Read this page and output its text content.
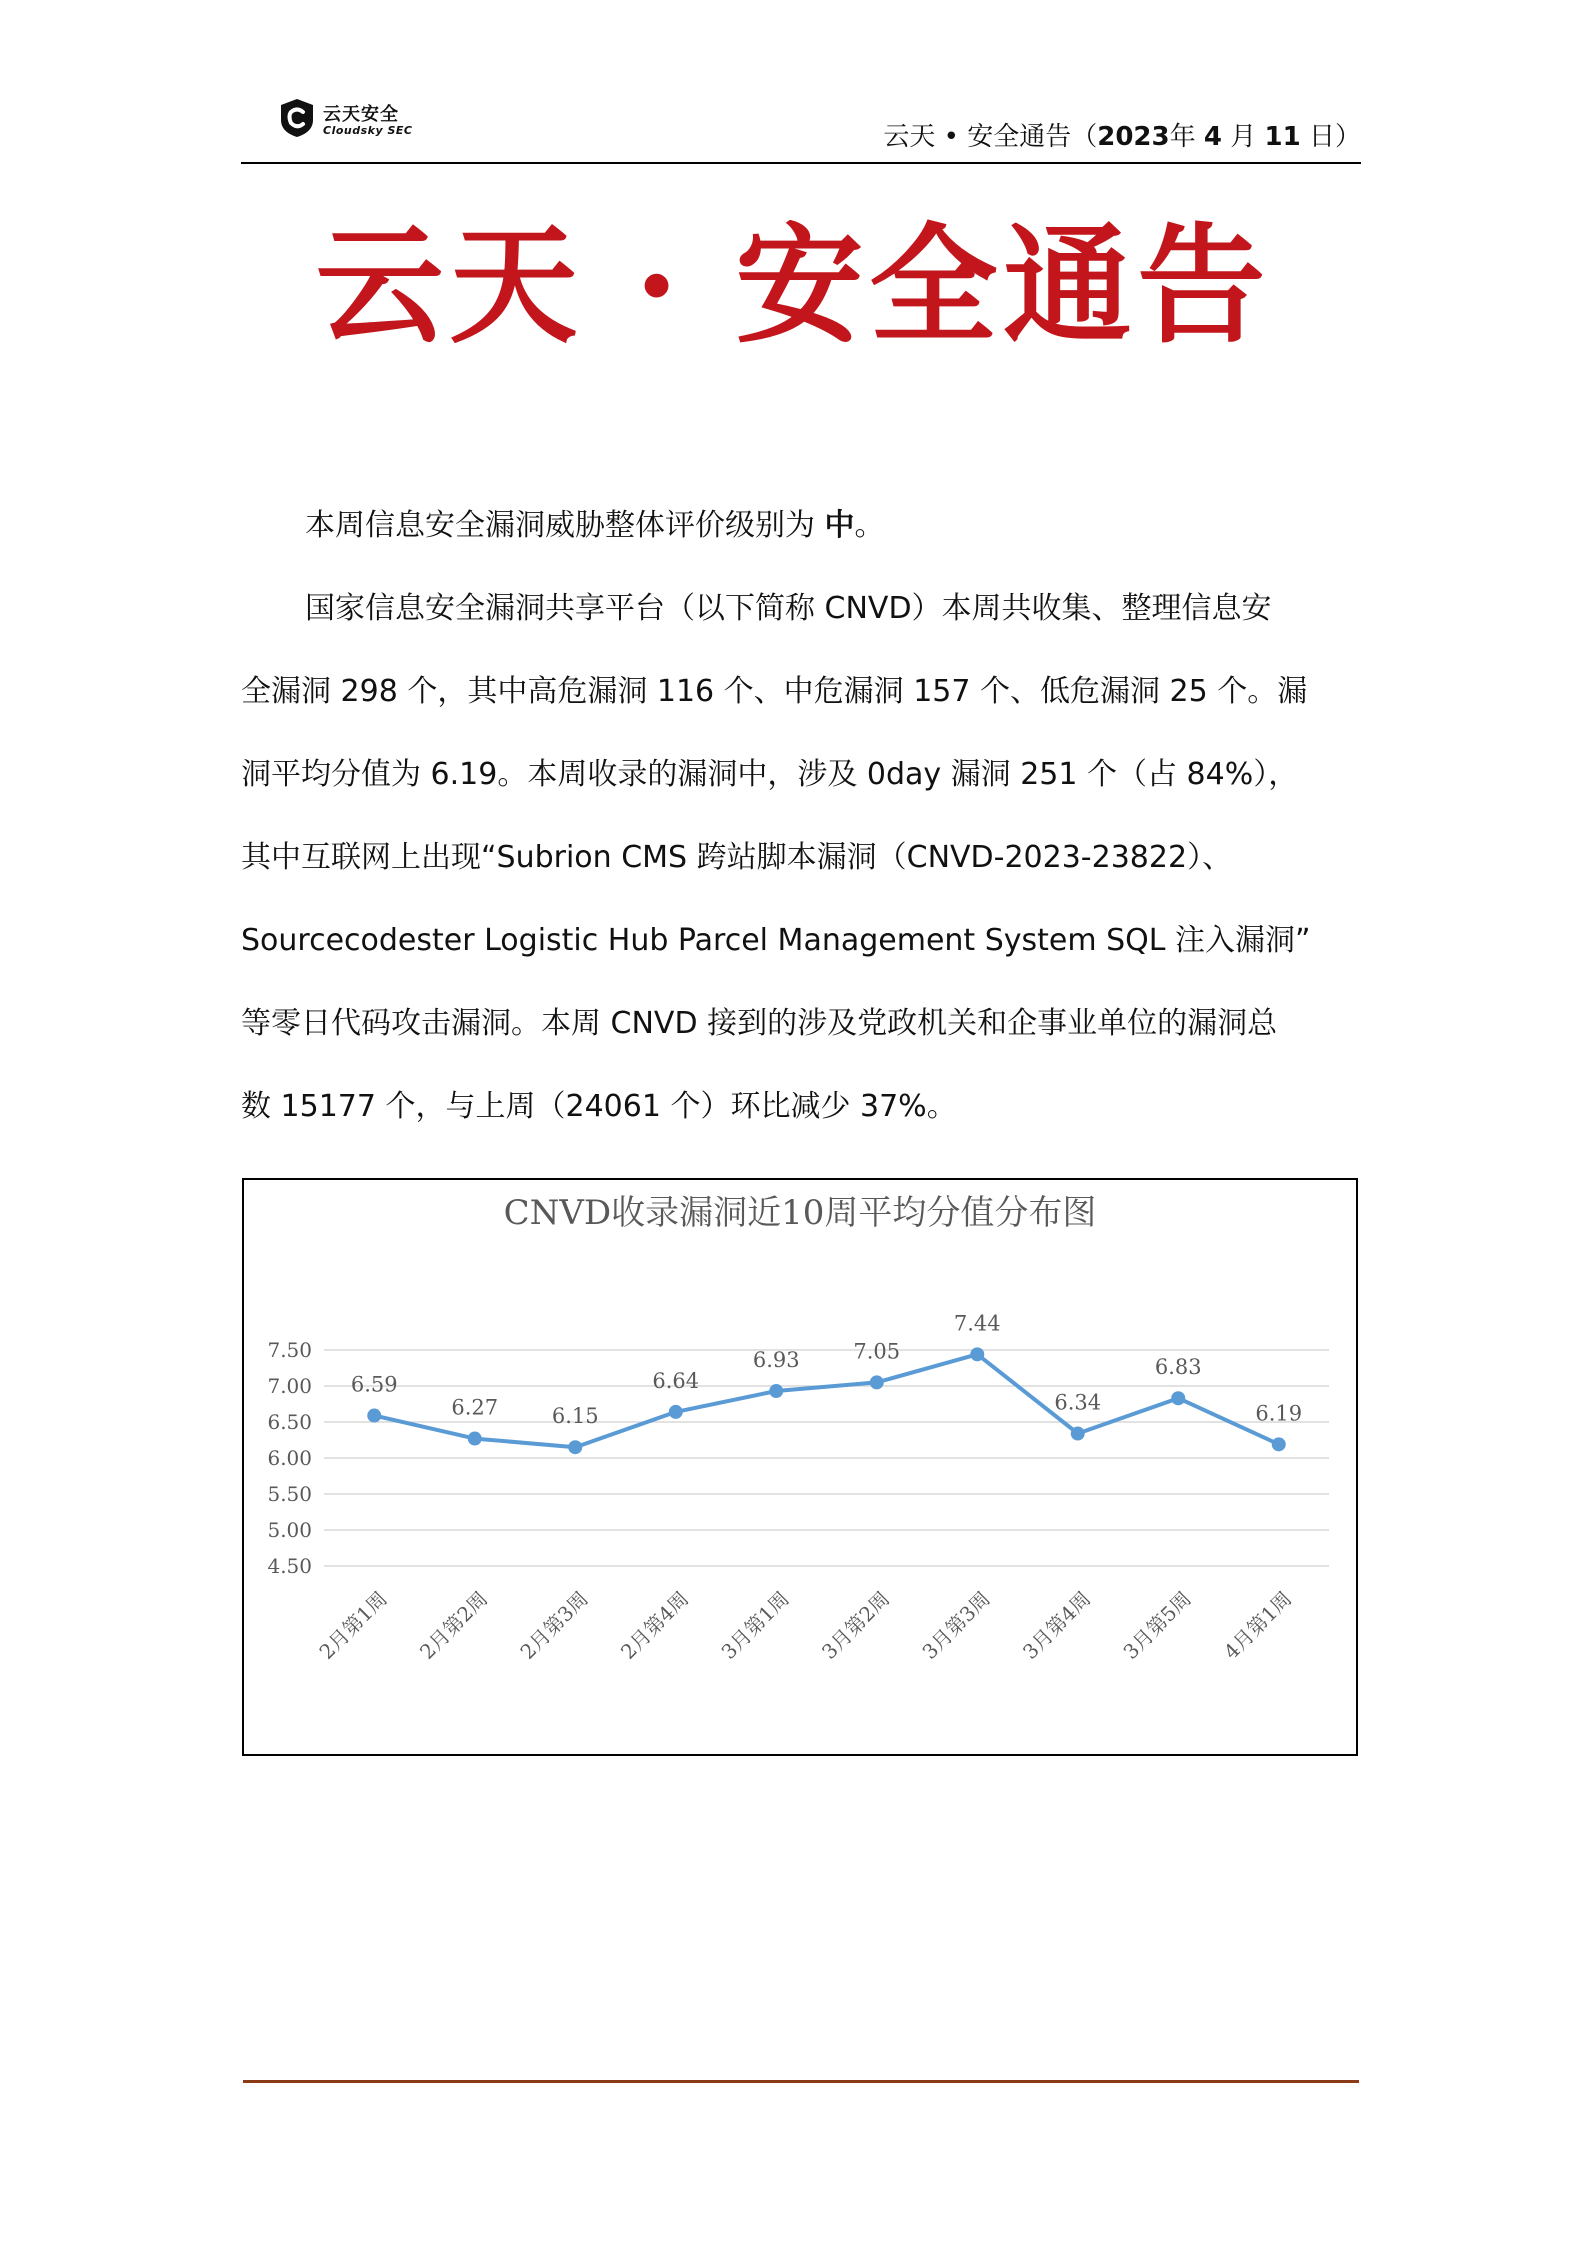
云天安全
Cloudsky SEC	云天 • 安全通告（2023年 4 月 11 日）
云天 · 安全通告

本周信息安全漏洞威胁整体评价级别为 中。

国家信息安全漏洞共享平台（以下简称 CNVD）本周共收集、整理信息安

全漏洞 298 个，其中高危漏洞 116 个、中危漏洞 157 个、低危漏洞 25 个。漏

洞平均分值为 6.19。本周收录的漏洞中，涉及 0day 漏洞 251 个（占 84%），

其中互联网上出现“Subrion CMS 跨站脚本漏洞（CNVD-2023-23822）、

Sourcecodester Logistic Hub Parcel Management System SQL 注入漏洞”

等零日代码攻击漏洞。本周 CNVD 接到的涉及党政机关和企事业单位的漏洞总

数 15177 个，与上周（24061 个）环比减少 37%。

CNVD收录漏洞近10周平均分值分布图
4.50
5.00
5.50
6.00
6.50
7.00
7.50
6.59
6.27	6.15
6.64
6.93	7.05
7.44
6.34
6.83
6.19
2月第1周 2月第2周 2月第3周 2月第4周 3月第1周 3月第2周 3月第3周 3月第4周 3月第5周 4月第1周
